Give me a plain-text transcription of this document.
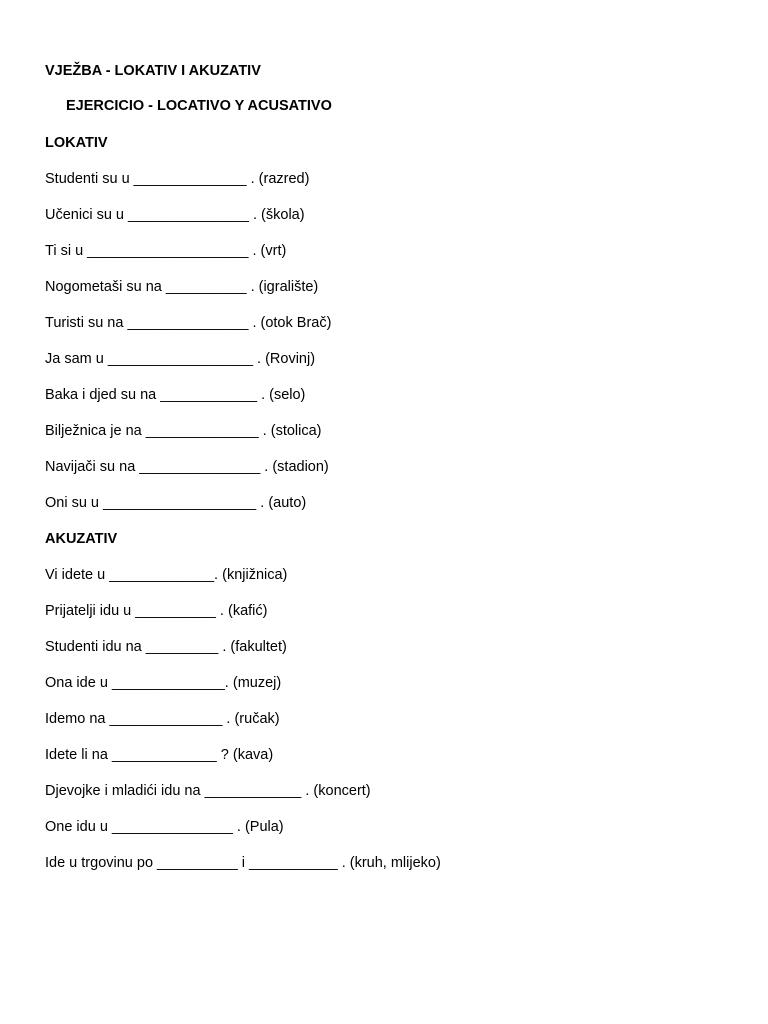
VJEŽBA - LOKATIV I AKUZATIV
EJERCICIO - LOCATIVO Y ACUSATIVO
LOKATIV
Studenti su u ______________ . (razred)
Učenici su u _______________ . (škola)
Ti si u ____________________ . (vrt)
Nogometaši su na __________ . (igralište)
Turisti su na _______________ . (otok Brač)
Ja sam u __________________ . (Rovinj)
Baka i djed su na ____________ . (selo)
Bilježnica je na ______________ . (stolica)
Navijači su na _______________ . (stadion)
Oni su u ___________________ . (auto)
AKUZATIV
Vi idete u _____________. (knjižnica)
Prijatelji idu u __________ . (kafić)
Studenti idu na _________ . (fakultet)
Ona ide u ______________. (muzej)
Idemo na ______________ . (ručak)
Idete li na _____________ ? (kava)
Djevojke i mladići idu na ____________ . (koncert)
One idu u _______________ . (Pula)
Ide u trgovinu po __________ i ___________ . (kruh, mlijeko)
